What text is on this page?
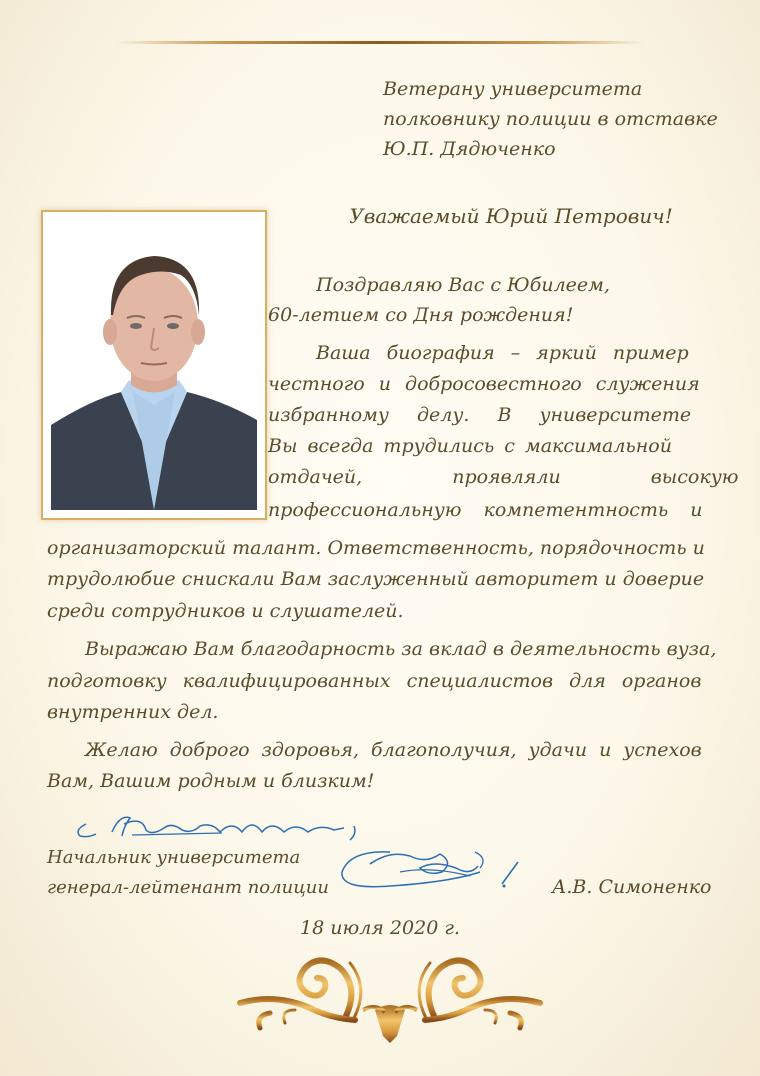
Ветерану университета
полковнику полиции в отставке
Ю.П. Дядюченко
Уважаемый Юрий Петрович!
Поздравляю Вас с Юбилеем,
60-летием со Дня рождения!
Ваша биография – яркий пример
честного и добросовестного служения
избранному делу. В университете
Вы всегда трудились с максимальной
отдачей, проявляли высокую
профессиональную компетентность и
организаторский талант. Ответственность, порядочность и
трудолюбие снискали Вам заслуженный авторитет и доверие
среди сотрудников и слушателей.
Выражаю Вам благодарность за вклад в деятельность вуза,
подготовку квалифицированных специалистов для органов
внутренних дел.
Желаю доброго здоровья, благополучия, удачи и успехов
Вам, Вашим родным и близким!
Начальник университета
генерал-лейтенант полиции	А.В. Симоненко
18 июля 2020 г.
